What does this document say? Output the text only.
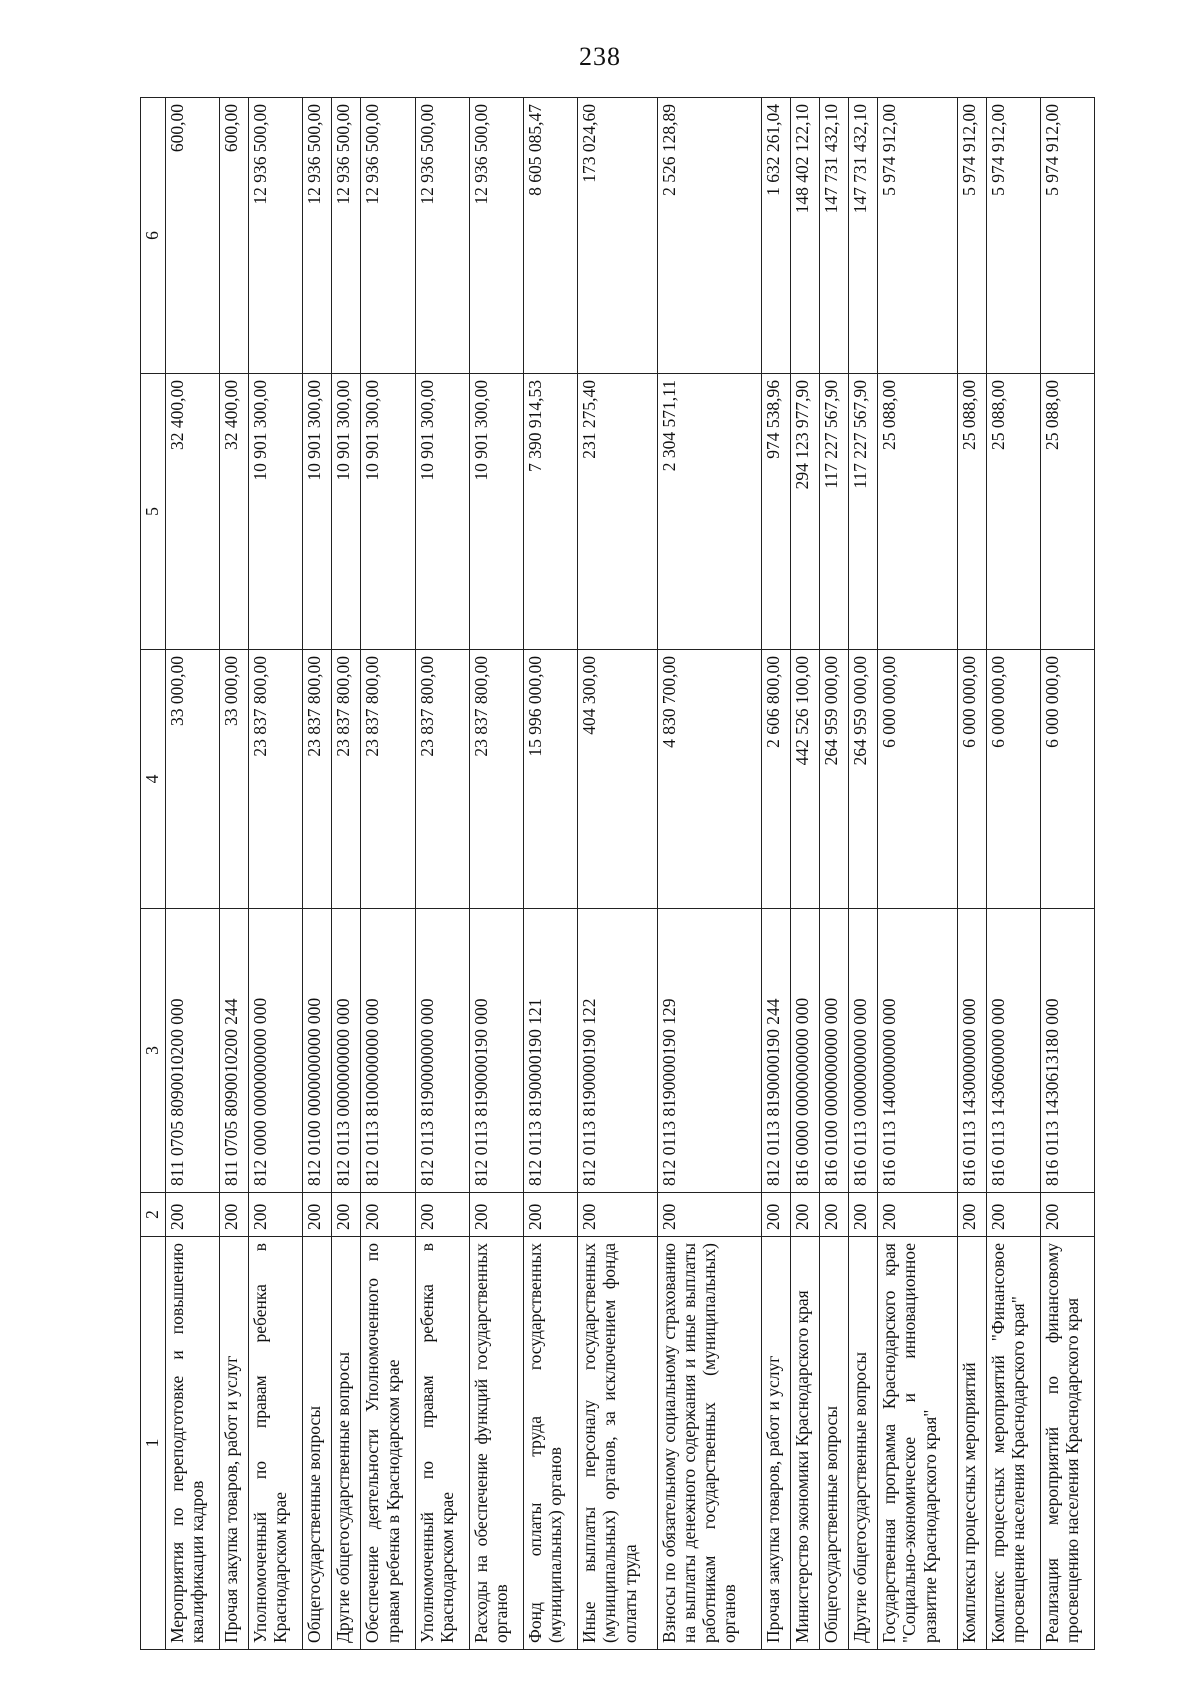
238
1	2	3	4	5	6
Мероприятия по переподготовке и повышению квалификации кадров	200	811 0705 8090010200 000	33 000,00	32 400,00	600,00
Прочая закупка товаров, работ и услуг	200	811 0705 8090010200 244	33 000,00	32 400,00	600,00
Уполномоченный по правам ребенка в Краснодарском крае	200	812 0000 0000000000 000	23 837 800,00	10 901 300,00	12 936 500,00
Общегосударственные вопросы	200	812 0100 0000000000 000	23 837 800,00	10 901 300,00	12 936 500,00
Другие общегосударственные вопросы	200	812 0113 0000000000 000	23 837 800,00	10 901 300,00	12 936 500,00
Обеспечение деятельности Уполномоченного по правам ребенка в Краснодарском крае	200	812 0113 8100000000 000	23 837 800,00	10 901 300,00	12 936 500,00
Уполномоченный по правам ребенка в Краснодарском крае	200	812 0113 8190000000 000	23 837 800,00	10 901 300,00	12 936 500,00
Расходы на обеспечение функций государственных органов	200	812 0113 8190000190 000	23 837 800,00	10 901 300,00	12 936 500,00
Фонд оплаты труда государственных (муниципальных) органов	200	812 0113 8190000190 121	15 996 000,00	7 390 914,53	8 605 085,47
Иные выплаты персоналу государственных (муниципальных) органов, за исключением фонда оплаты труда	200	812 0113 8190000190 122	404 300,00	231 275,40	173 024,60
Взносы по обязательному социальному страхованию на выплаты денежного содержания и иные выплаты работникам государственных (муниципальных) органов	200	812 0113 8190000190 129	4 830 700,00	2 304 571,11	2 526 128,89
Прочая закупка товаров, работ и услуг	200	812 0113 8190000190 244	2 606 800,00	974 538,96	1 632 261,04
Министерство экономики Краснодарского края	200	816 0000 0000000000 000	442 526 100,00	294 123 977,90	148 402 122,10
Общегосударственные вопросы	200	816 0100 0000000000 000	264 959 000,00	117 227 567,90	147 731 432,10
Другие общегосударственные вопросы	200	816 0113 0000000000 000	264 959 000,00	117 227 567,90	147 731 432,10
Государственная программа Краснодарского края "Социально-экономическое и инновационное развитие Краснодарского края"	200	816 0113 1400000000 000	6 000 000,00	25 088,00	5 974 912,00
Комплексы процессных мероприятий	200	816 0113 1430000000 000	6 000 000,00	25 088,00	5 974 912,00
Комплекс процессных мероприятий "Финансовое просвещение населения Краснодарского края"	200	816 0113 1430600000 000	6 000 000,00	25 088,00	5 974 912,00
Реализация мероприятий по финансовому просвещению населения Краснодарского края	200	816 0113 1430613180 000	6 000 000,00	25 088,00	5 974 912,00
